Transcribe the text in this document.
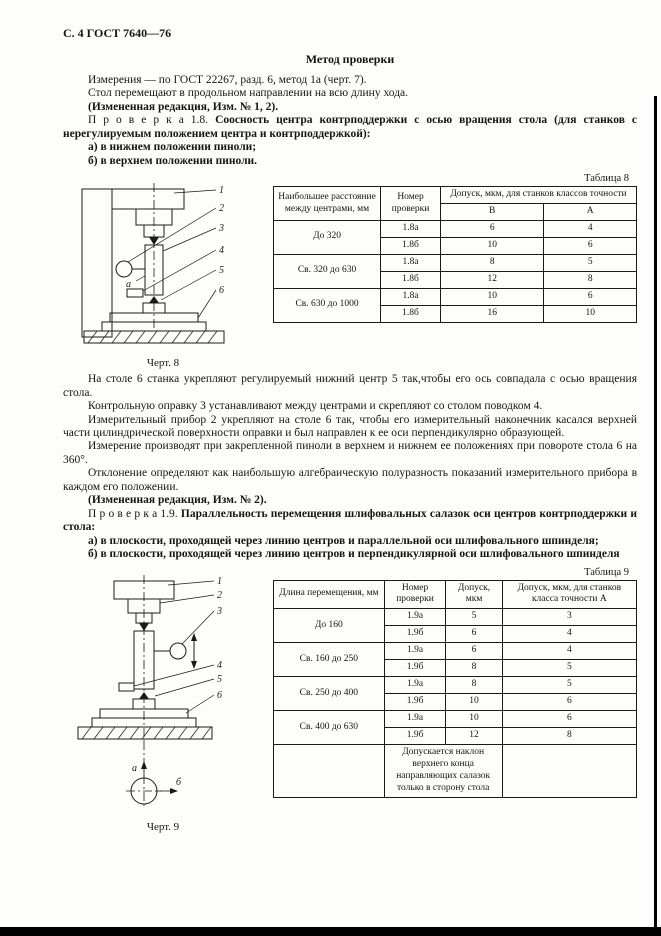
С. 4 ГОСТ 7640—76
Метод проверки

Измерения — по ГОСТ 22267, разд. 6, метод 1а (черт. 7).

Стол перемещают в продольном направлении на всю длину хода.

(Измененная редакция, Изм. № 1, 2).

П р о в е р к а 1.8. Соосность центра контрподдержки с осью вращения стола (для станков с нерегулируемым положением центра и контрподдержкой):

а) в нижнем положении пиноли;

б) в верхнем положении пиноли.

1
2
3
4
5
6
а
Черт. 8
Таблица 8
Наибольшее расстояние между центрами, мм	Номер проверки	Допуск, мкм, для станков классов точности	
		В	А
До 320	1.8а	6	4
	1.8б	10	6
Св. 320 до 630	1.8а	8	5
	1.8б	12	8
Св. 630 до 1000	1.8а	10	6
	1.8б	16	10

На столе 6 станка укрепляют регулируемый нижний центр 5 так,чтобы его ось совпадала с осью вращения стола.

Контрольную оправку 3 устанавливают между центрами и скрепляют со столом поводком 4.

Измерительный прибор 2 укрепляют на столе 6 так, чтобы его измерительный наконечник касался верхней части цилиндрической поверхности оправки и был направлен к ее оси перпендикулярно образующей.

Измерение производят при закрепленной пиноли в верхнем и нижнем ее положениях при повороте стола 6 на 360°.

Отклонение определяют как наибольшую алгебраическую полуразность показаний измерительного прибора в каждом его положении.

(Измененная редакция, Изм. № 2).

П р о в е р к а 1.9. Параллельность перемещения шлифовальных салазок оси центров контрподдержки и стола:

а) в плоскости, проходящей через линию центров и параллельной оси шлифовального шпинделя;

б) в плоскости, проходящей через линию центров и перпендикулярной оси шлифовального шпинделя

1
2
3
4
5
6
а
б
Черт. 9
Таблица 9
Длина перемещения, мм	Номер проверки	Допуск, мкм	Допуск, мкм, для станков класса точности А
До 160	1.9а	5	3
	1.9б	6	4
Св. 160 до 250	1.9а	6	4
	1.9б	8	5
Св. 250 до 400	1.9а	8	5
	1.9б	10	6
Св. 400 до 630	1.9а	10	6
	1.9б	12	8
	Допускается наклон верхнего конца направляющих салазок только в сторону стола		
